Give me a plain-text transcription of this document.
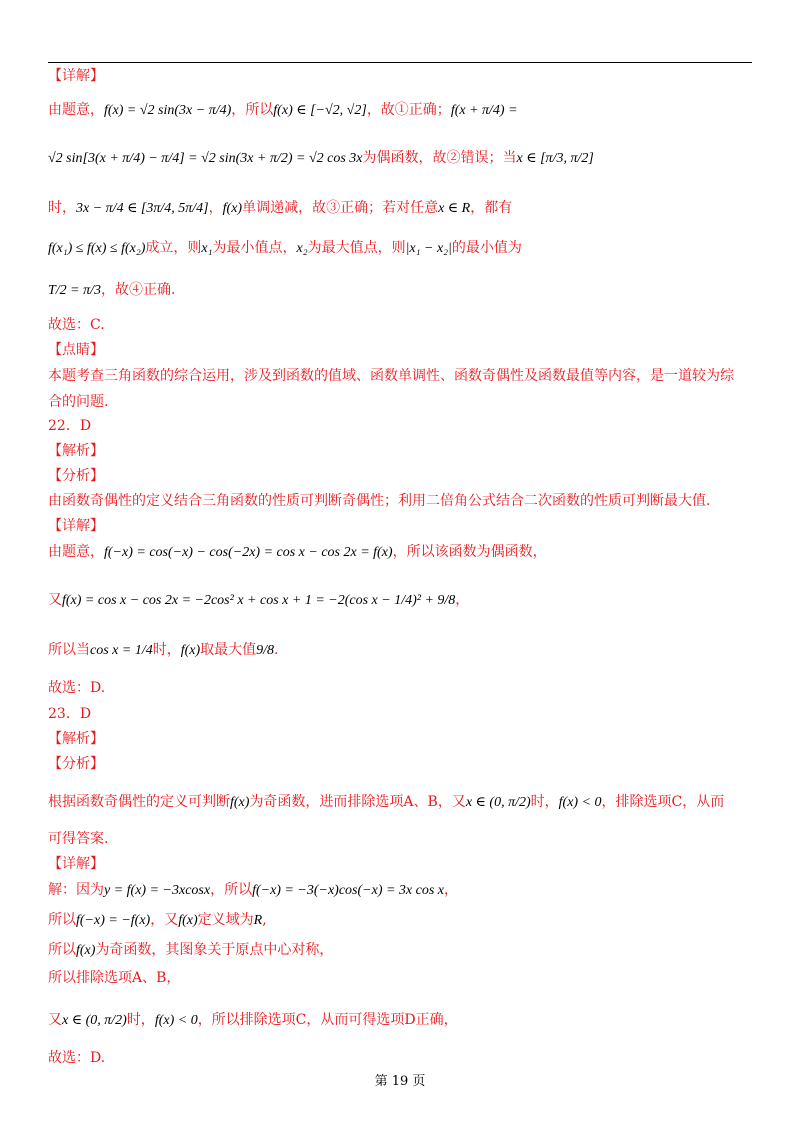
【详解】
由题意，f(x) = √2 sin(3x − π/4)，所以f(x) ∈ [−√2, √2]，故①正确；f(x + π/4) =
√2 sin[3(x + π/4) − π/4] = √2 sin(3x + π/2) = √2 cos 3x为偶函数，故②错误；当x ∈ [π/3, π/2]
时，3x − π/4 ∈ [3π/4, 5π/4]，f(x)单调递减，故③正确；若对任意x ∈ R，都有
f(x₁) ≤ f(x) ≤ f(x₂)成立，则x₁为最小值点，x₂为最大值点，则|x₁ − x₂|的最小值为
T/2 = π/3，故④正确.
故选：C.
【点睛】
本题考查三角函数的综合运用，涉及到函数的值域、函数单调性、函数奇偶性及函数最值等内容，是一道较为综
合的问题.
22．D
【解析】
【分析】
由函数奇偶性的定义结合三角函数的性质可判断奇偶性；利用二倍角公式结合二次函数的性质可判断最大值.
【详解】
由题意，f(−x) = cos(−x) − cos(−2x) = cos x − cos 2x = f(x)，所以该函数为偶函数，
又f(x) = cos x − cos 2x = −2cos² x + cos x + 1 = −2(cos x − 1/4)² + 9/8，
所以当cos x = 1/4时，f(x)取最大值9/8.
故选：D.
23．D
【解析】
【分析】
根据函数奇偶性的定义可判断f(x)为奇函数，进而排除选项A、B，又x ∈ (0, π/2)时，f(x) < 0，排除选项C，从而
可得答案.
【详解】
解：因为y = f(x) = −3xcosx，所以f(−x) = −3(−x)cos(−x) = 3x cos x，
所以f(−x) = −f(x)，又f(x)定义域为R,
所以f(x)为奇函数，其图象关于原点中心对称，
所以排除选项A、B，
又x ∈ (0, π/2)时，f(x) < 0，所以排除选项C，从而可得选项D正确，
故选：D.
第 19 页
